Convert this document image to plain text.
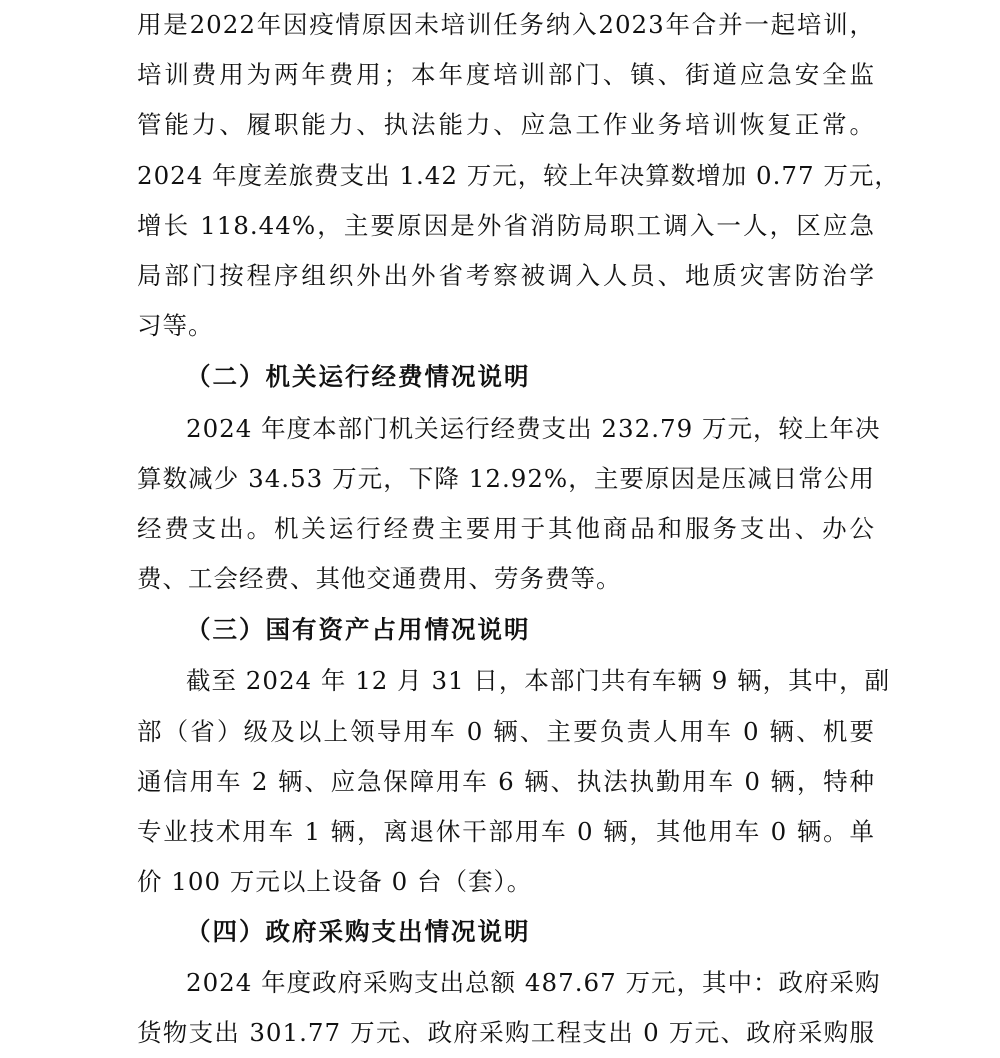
用是2022年因疫情原因未培训任务纳入2023年合并一起培训，
培训费用为两年费用；本年度培训部门、镇、街道应急安全监
管能力、履职能力、执法能力、应急工作业务培训恢复正常。
2024 年度差旅费支出 1.42 万元，较上年决算数增加 0.77 万元，
增长 118.44%，主要原因是外省消防局职工调入一人，区应急
局部门按程序组织外出外省考察被调入人员、地质灾害防治学
习等。
（二）机关运行经费情况说明
2024 年度本部门机关运行经费支出 232.79 万元，较上年决
算数减少 34.53 万元，下降 12.92%，主要原因是压减日常公用
经费支出。机关运行经费主要用于其他商品和服务支出、办公
费、工会经费、其他交通费用、劳务费等。
（三）国有资产占用情况说明
截至 2024 年 12 月 31 日，本部门共有车辆 9 辆，其中，副
部（省）级及以上领导用车 0 辆、主要负责人用车 0 辆、机要
通信用车 2 辆、应急保障用车 6 辆、执法执勤用车 0 辆，特种
专业技术用车 1 辆，离退休干部用车 0 辆，其他用车 0 辆。单
价 100 万元以上设备 0 台（套）。
（四）政府采购支出情况说明
2024 年度政府采购支出总额 487.67 万元，其中：政府采购
货物支出 301.77 万元、政府采购工程支出 0 万元、政府采购服
